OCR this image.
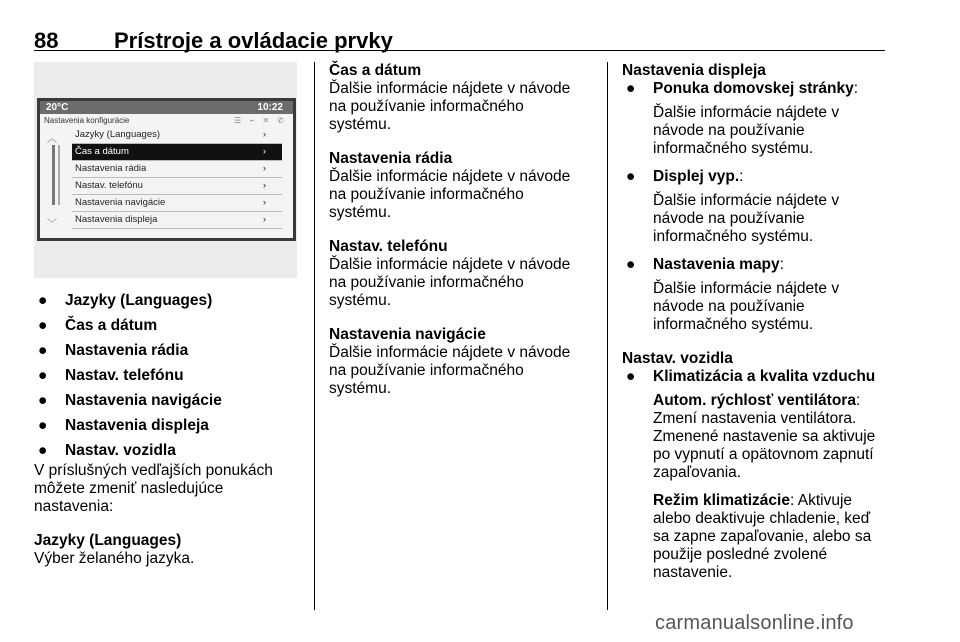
88	Prístroje a ovládacie prvky
20°C	10:22
Nastavenia konfigurácie	☰ ⌁ ✕ ✆
︿
﹀
Jazyky (Languages)	›
Čas a dátum	›
Nastavenia rádia	›
Nastav. telefónu	›
Nastavenia navigácie	›
Nastavenia displeja	›
● Jazyky (Languages)
● Čas a dátum
● Nastavenia rádia
● Nastav. telefónu
● Nastavenia navigácie
● Nastavenia displeja
● Nastav. vozidla

V príslušných vedľajších ponukách
môžete zmeniť nasledujúce
nastavenia:

Jazyky (Languages)
Výber želaného jazyka.

Čas a dátum
Ďalšie informácie nájdete v návode
na používanie informačného
systému.

Nastavenia rádia
Ďalšie informácie nájdete v návode
na používanie informačného
systému.

Nastav. telefónu
Ďalšie informácie nájdete v návode
na používanie informačného
systému.

Nastavenia navigácie
Ďalšie informácie nájdete v návode
na používanie informačného
systému.

Nastavenia displeja

● Ponuka domovskej stránky:

Ďalšie informácie nájdete v
návode na používanie
informačného systému.

● Displej vyp.:

Ďalšie informácie nájdete v
návode na používanie
informačného systému.

● Nastavenia mapy:

Ďalšie informácie nájdete v
návode na používanie
informačného systému.

Nastav. vozidla

● Klimatizácia a kvalita vzduchu

Autom. rýchlosť ventilátora:
Zmení nastavenia ventilátora.
Zmenené nastavenie sa aktivuje
po vypnutí a opätovnom zapnutí
zapaľovania.

Režim klimatizácie: Aktivuje
alebo deaktivuje chladenie, keď
sa zapne zapaľovanie, alebo sa
použije posledné zvolené
nastavenie.

carmanualsonline.info
